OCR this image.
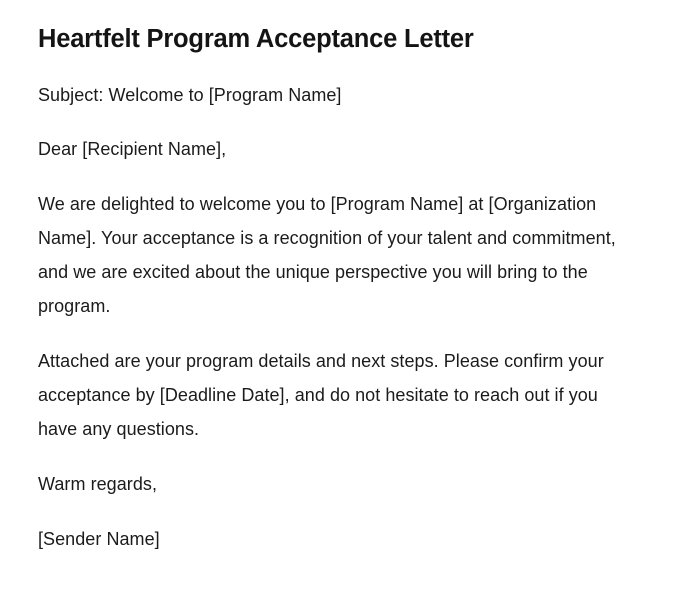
Heartfelt Program Acceptance Letter

Subject: Welcome to [Program Name]

Dear [Recipient Name],

We are delighted to welcome you to [Program Name] at [Organization Name]. Your acceptance is a recognition of your talent and commitment, and we are excited about the unique perspective you will bring to the program.

Attached are your program details and next steps. Please confirm your acceptance by [Deadline Date], and do not hesitate to reach out if you have any questions.

Warm regards,

[Sender Name]
